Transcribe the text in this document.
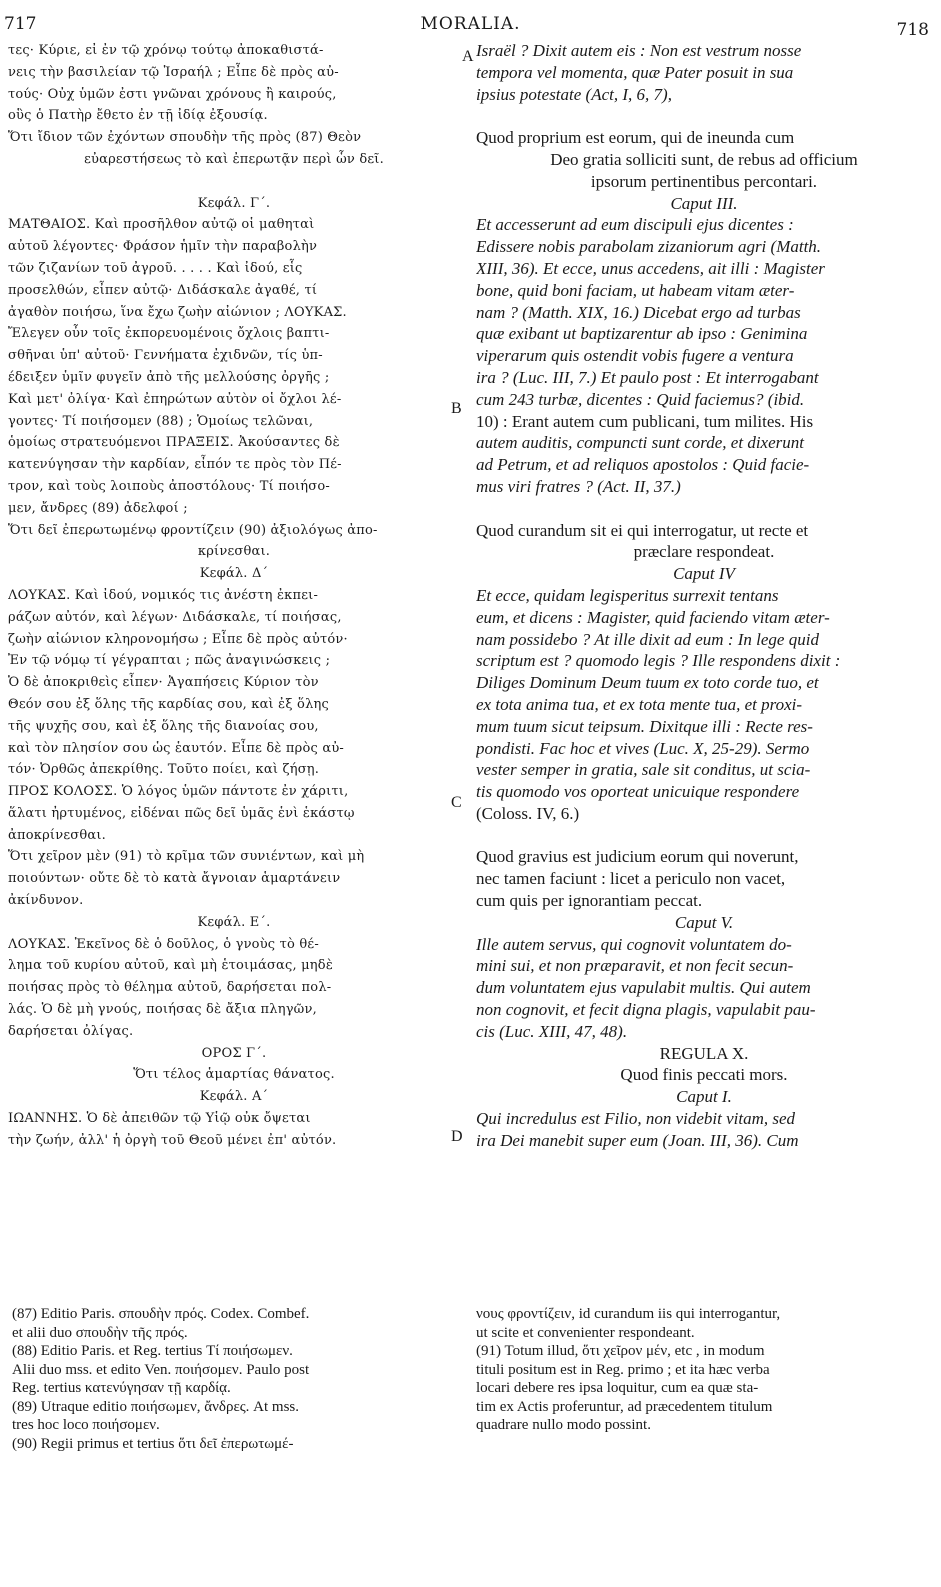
717	MORALIA.	718
τες· Κύριε, εἰ ἐν τῷ χρόνῳ τούτῳ ἀποκαθιστά-
νεις τὴν βασιλείαν τῷ Ἰσραήλ ; Εἶπε δὲ πρὸς αὐ-
τούς· Οὐχ ὑμῶν ἐστι γνῶναι χρόνους ἢ καιρούς,
οὓς ὁ Πατὴρ ἔθετο ἐν τῇ ἰδίᾳ ἐξουσίᾳ.
Ὅτι ἴδιον τῶν ἐχόντων σπουδὴν τῆς πρὸς (87) Θεὸν
εὐαρεστήσεως τὸ καὶ ἐπερωτᾷν περὶ ὧν δεῖ.
Κεφάλ. Γ΄.
ΜΑΤΘΑΙΟΣ. Καὶ προσῆλθον αὐτῷ οἱ μαθηταὶ
αὐτοῦ λέγοντες· Φράσον ἡμῖν τὴν παραβολὴν
τῶν ζιζανίων τοῦ ἀγροῦ. . . . . Καὶ ἰδού, εἷς
προσελθών, εἶπεν αὐτῷ· Διδάσκαλε ἀγαθέ, τί
ἀγαθὸν ποιήσω, ἵνα ἔχω ζωὴν αἰώνιον ; ΛΟΥΚΑΣ.
Ἔλεγεν οὖν τοῖς ἐκπορευομένοις ὄχλοις βαπτι-
σθῆναι ὑπ' αὐτοῦ· Γεννήματα ἐχιδνῶν, τίς ὑπ-
έδειξεν ὑμῖν φυγεῖν ἀπὸ τῆς μελλούσης ὀργῆς ;
Καὶ μετ' ὀλίγα· Καὶ ἐπηρώτων αὐτὸν οἱ ὄχλοι λέ-
γοντες· Τί ποιήσομεν (88) ; Ὁμοίως τελῶναι,
ὁμοίως στρατευόμενοι ΠΡΑΞΕΙΣ. Ἀκούσαντες δὲ
κατενύγησαν τὴν καρδίαν, εἶπόν τε πρὸς τὸν Πέ-
τρον, καὶ τοὺς λοιποὺς ἀποστόλους· Τί ποιήσο-
μεν, ἄνδρες (89) ἀδελφοί ;
Ὅτι δεῖ ἐπερωτωμένῳ φροντίζειν (90) ἀξιολόγως ἀπο-
κρίνεσθαι.
Κεφάλ. Δ΄
ΛΟΥΚΑΣ. Καὶ ἰδού, νομικός τις ἀνέστη ἐκπει-
ράζων αὐτόν, καὶ λέγων· Διδάσκαλε, τί ποιήσας,
ζωὴν αἰώνιον κληρονομήσω ; Εἶπε δὲ πρὸς αὐτόν·
Ἐν τῷ νόμῳ τί γέγραπται ; πῶς ἀναγινώσκεις ;
Ὁ δὲ ἀποκριθεὶς εἶπεν· Ἀγαπήσεις Κύριον τὸν
Θεόν σου ἐξ ὅλης τῆς καρδίας σου, καὶ ἐξ ὅλης
τῆς ψυχῆς σου, καὶ ἐξ ὅλης τῆς διανοίας σου,
καὶ τὸν πλησίον σου ὡς ἑαυτόν. Εἶπε δὲ πρὸς αὐ-
τόν· Ὀρθῶς ἀπεκρίθης. Τοῦτο ποίει, καὶ ζήσῃ.
ΠΡΟΣ ΚΟΛΟΣΣ. Ὁ λόγος ὑμῶν πάντοτε ἐν χάριτι,
ἅλατι ἠρτυμένος, εἰδέναι πῶς δεῖ ὑμᾶς ἑνὶ ἑκάστῳ
ἀποκρίνεσθαι.
Ὅτι χεῖρον μὲν (91) τὸ κρῖμα τῶν συνιέντων, καὶ μὴ
ποιούντων· οὔτε δὲ τὸ κατὰ ἄγνοιαν ἁμαρτάνειν
ἀκίνδυνον.
Κεφάλ. Ε΄.
ΛΟΥΚΑΣ. Ἐκεῖνος δὲ ὁ δοῦλος, ὁ γνοὺς τὸ θέ-
λημα τοῦ κυρίου αὐτοῦ, καὶ μὴ ἑτοιμάσας, μηδὲ
ποιήσας πρὸς τὸ θέλημα αὐτοῦ, δαρήσεται πολ-
λάς. Ὁ δὲ μὴ γνούς, ποιήσας δὲ ἄξια πληγῶν,
δαρήσεται ὀλίγας.
ΟΡΟΣ Γ΄.
Ὅτι τέλος ἁμαρτίας θάνατος.
Κεφάλ. Α΄
ΙΩΑΝΝΗΣ. Ὁ δὲ ἀπειθῶν τῷ Υἱῷ οὐκ ὄψεται
τὴν ζωήν, ἀλλ' ἡ ὀργὴ τοῦ Θεοῦ μένει ἐπ' αὐτόν.
Israël ? Dixit autem eis : Non est vestrum nosse
tempora vel momenta, quæ Pater posuit in sua
ipsius potestate (Act, I, 6, 7),
Quod proprium est eorum, qui de ineunda cum
Deo gratia solliciti sunt, de rebus ad officium
ipsorum pertinentibus percontari.
Caput III.
Et accesserunt ad eum discipuli ejus dicentes :
Edissere nobis parabolam zizaniorum agri (Matth.
XIII, 36). Et ecce, unus accedens, ait illi : Magister
bone, quid boni faciam, ut habeam vitam æter-
nam ? (Matth. XIX, 16.) Dicebat ergo ad turbas
quæ exibant ut baptizarentur ab ipso : Genimina
viperarum quis ostendit vobis fugere a ventura
ira ? (Luc. III, 7.) Et paulo post : Et interrogabant
cum 243 turbæ, dicentes : Quid faciemus? (ibid.
10) : Erant autem cum publicani, tum milites. His
autem auditis, compuncti sunt corde, et dixerunt
ad Petrum, et ad reliquos apostolos : Quid facie-
mus viri fratres ? (Act. II, 37.)
Quod curandum sit ei qui interrogatur, ut recte et
præclare respondeat.
Caput IV
Et ecce, quidam legisperitus surrexit tentans
eum, et dicens : Magister, quid faciendo vitam æter-
nam possidebo ? At ille dixit ad eum : In lege quid
scriptum est ? quomodo legis ? Ille respondens dixit :
Diliges Dominum Deum tuum ex toto corde tuo, et
ex tota anima tua, et ex tota mente tua, et proxi-
mum tuum sicut teipsum. Dixitque illi : Recte res-
pondisti. Fac hoc et vives (Luc. X, 25-29). Sermo
vester semper in gratia, sale sit conditus, ut scia-
tis quomodo vos oporteat unicuique respondere
(Coloss. IV, 6.)
Quod gravius est judicium eorum qui noverunt,
nec tamen faciunt : licet a periculo non vacet,
cum quis per ignorantiam peccat.
Caput V.
Ille autem servus, qui cognovit voluntatem do-
mini sui, et non præparavit, et non fecit secun-
dum voluntatem ejus vapulabit multis. Qui autem
non cognovit, et fecit digna plagis, vapulabit pau-
cis (Luc. XIII, 47, 48).
REGULA X.
Quod finis peccati mors.
Caput I.
Qui incredulus est Filio, non videbit vitam, sed
ira Dei manebit super eum (Joan. III, 36). Cum
A
B
C
D
(87) Editio Paris. σπουδὴν πρός. Codex. Combef.
et alii duo σπουδὴν τῆς πρός.
(88) Editio Paris. et Reg. tertius Τί ποιήσωμεν.
Alii duo mss. et edito Ven. ποιήσομεν. Paulo post
Reg. tertius κατενύγησαν τῇ καρδίᾳ.
(89) Utraque editio ποιήσωμεν, ἄνδρες. At mss.
tres hoc loco ποιήσομεν.
(90) Regii primus et tertius ὅτι δεῖ ἐπερωτωμέ-
νους φροντίζειν, id curandum iis qui interrogantur,
ut scite et convenienter respondeant.
(91) Totum illud, ὅτι χεῖρον μέν, etc , in modum
tituli positum est in Reg. primo ; et ita hæc verba
locari debere res ipsa loquitur, cum ea quæ sta-
tim ex Actis proferuntur, ad præcedentem titulum
quadrare nullo modo possint.
